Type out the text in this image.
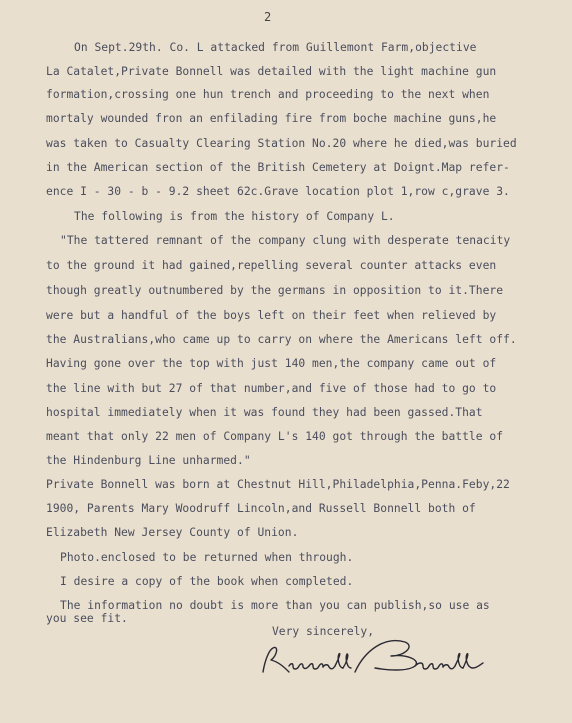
2
On Sept.29th. Co. L attacked from Guillemont Farm,objective
La Catalet,Private Bonnell was detailed with the light machine gun
formation,crossing one hun trench and proceeding to the next when
mortaly wounded fron an enfilading fire from boche machine guns,he
was taken to Casualty Clearing Station No.20 where he died,was buried
in the American section of the British Cemetery at Doignt.Map refer-
ence I - 30 - b - 9.2 sheet 62c.Grave location plot 1,row c,grave 3.
The following is from the history of Company L.
"The tattered remnant of the company clung with desperate tenacity
to the ground it had gained,repelling several counter attacks even
though greatly outnumbered by the germans in opposition to it.There
were but a handful of the boys left on their feet when relieved by
the Australians,who came up to carry on where the Americans left off.
Having gone over the top with just 140 men,the company came out of
the line with but 27 of that number,and five of those had to go to
hospital immediately when it was found they had been gassed.That
meant that only 22 men of Company L's 140 got through the battle of
the Hindenburg Line unharmed."
Private Bonnell was born at Chestnut Hill,Philadelphia,Penna.Feby,22
1900, Parents Mary Woodruff Lincoln,and Russell Bonnell both of
Elizabeth New Jersey County of Union.
Photo.enclosed to be returned when through.
I desire a copy of the book when completed.
The information no doubt is more than you can publish,so use as
you see fit.
Very sincerely,
